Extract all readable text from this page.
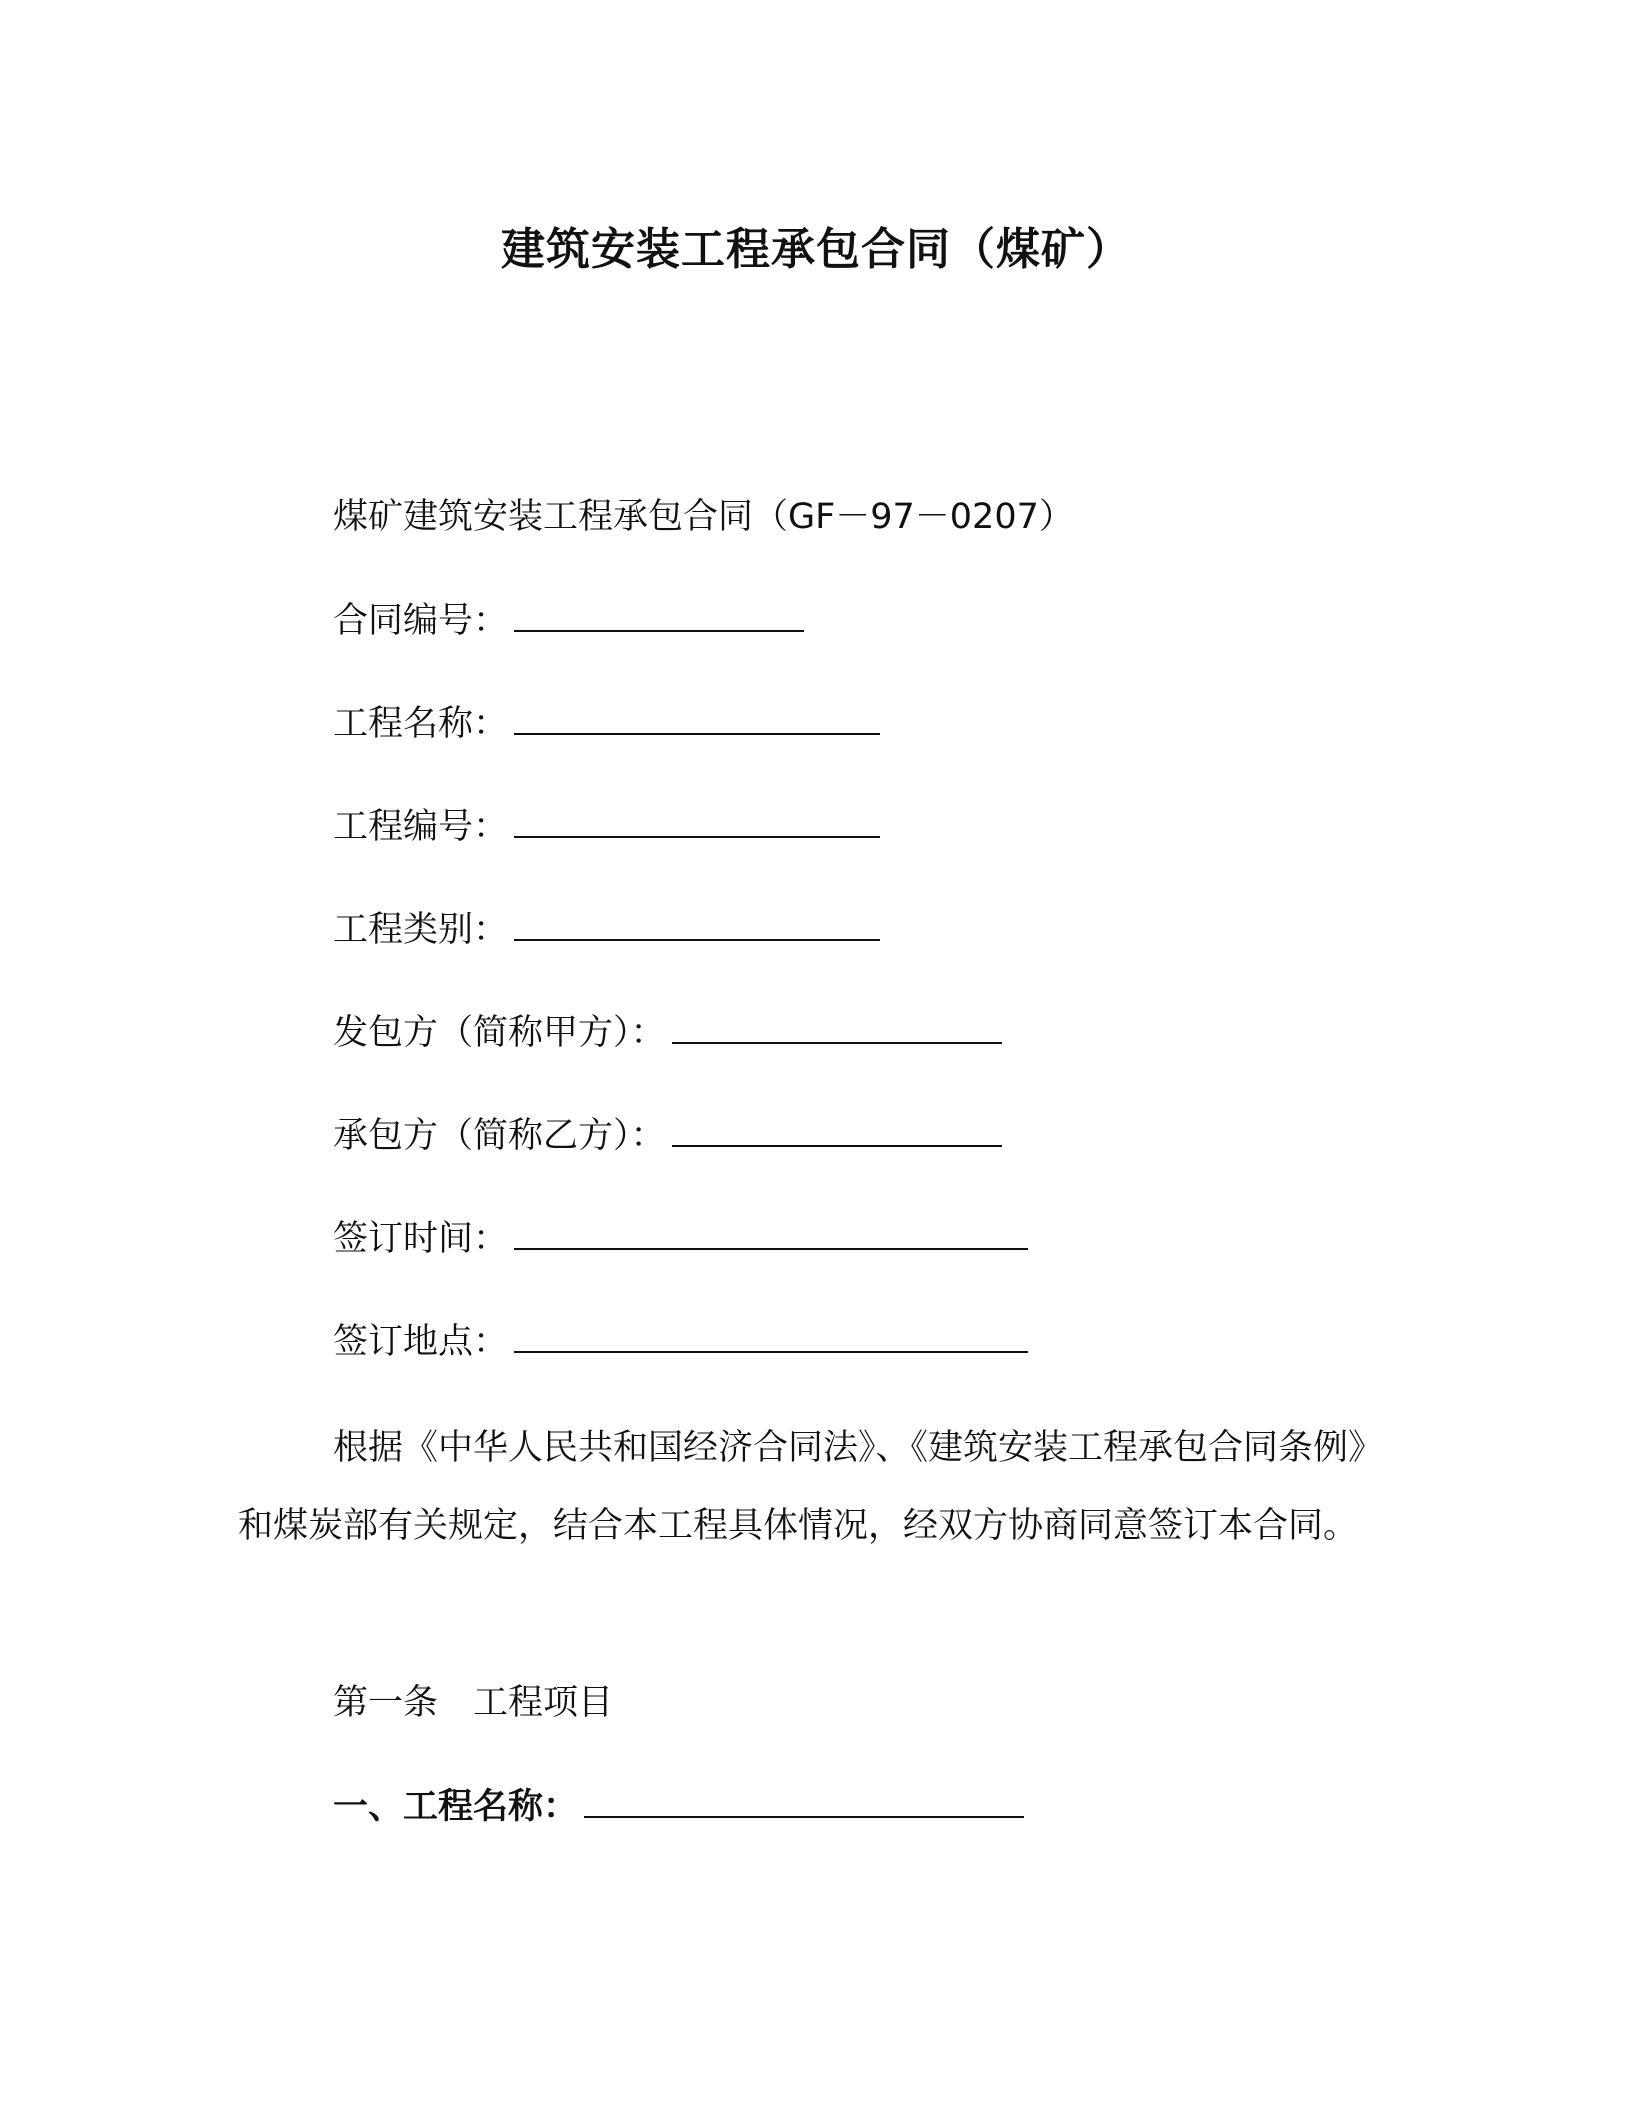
建筑安装工程承包合同（煤矿）
煤矿建筑安装工程承包合同（GF－97－0207）
合同编号：
工程名称：
工程编号：
工程类别：
发包方（简称甲方）：
承包方（简称乙方）：
签订时间：
签订地点：
根据《中华人民共和国经济合同法》、《建筑安装工程承包合同条例》和煤炭部有关规定，结合本工程具体情况，经双方协商同意签订本合同。
第一条　工程项目
一、工程名称：
